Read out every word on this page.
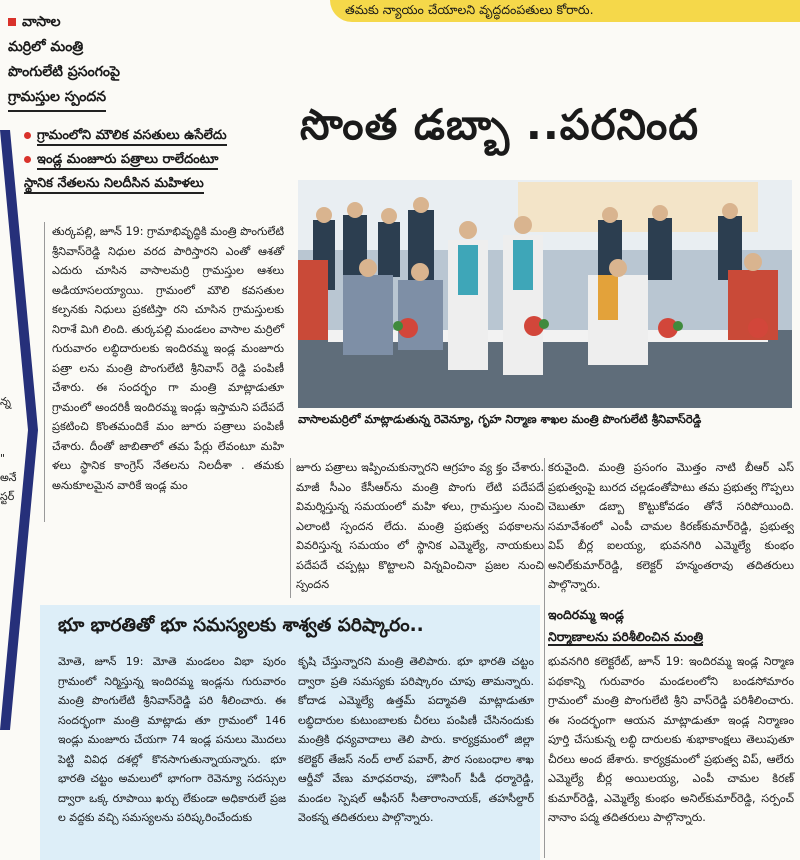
తమకు న్యాయం చేయాలని వృద్ధదంపతులు కోరారు.
వాసాల
మర్రిలో మంత్రి
పొంగులేటి ప్రసంగంపై
గ్రామస్తుల స్పందన
గ్రామంలోని మౌలిక వసతులు ఉసేలేదు
ఇండ్ల మంజూరు పత్రాలు రాలేదంటూ
స్థానిక నేతలను నిలదీసిన మహిళలు
సొంత డబ్బా ..పరనింద
వాసాలమర్రిలో మాట్లాడుతున్న రెవెన్యూ, గృహ నిర్మాణ శాఖల మంత్రి పొంగులేటి శ్రీనివాస్‌రెడ్డి
న్న

" అనే
స్టర్
తుర్కపల్లి, జూన్ 19: గ్రామాభివృద్ధికి మంత్రి పొంగులేటి శ్రీనివాస్‌రెడ్డి నిధుల వరద పారిస్తారని ఎంతో ఆశతో ఎదురు చూసిన వాసాలమర్రి గ్రామస్తుల ఆశలు అడియాసలయ్యాయి. గ్రామంలో మౌలి కవసతుల కల్పనకు నిధులు ప్రకటిస్తా రని చూసిన గ్రామస్తులకు నిరాశే మిగి లింది. తుర్కపల్లి మండలం వాసాల మర్రిలో గురువారం లబ్ధిదారులకు ఇందిరమ్మ ఇండ్ల మంజూరు పత్రా లను మంత్రి పొంగులేటి శ్రీనివాస్ రెడ్డి పంపిణీ చేశారు. ఈ సందర్భం గా మంత్రి మాట్లాడుతూ గ్రామంలో అందరికీ ఇందిరమ్మ ఇండ్లు ఇస్తామని పదేపదే ప్రకటించి కొంతమందికే మం జూరు పత్రాలు పంపిణీ చేశారు. దీంతో జాబితాలో తమ పేర్లు లేవంటూ మహి ళలు స్థానిక కాంగ్రెస్ నేతలను నిలదీశా . తమకు అనుకూలమైన వారికే ఇండ్ల మం
జూరు పత్రాలు ఇప్పించుకున్నారని ఆగ్రహం వ్య క్తం చేశారు. మాజీ సీఎం కేసీఆర్‌ను మంత్రి పొంగు లేటి పదేపదే విమర్శిస్తున్న సమయంలో మహి ళలు, గ్రామస్తుల నుంచి ఎలాంటి స్పందన లేదు. మంత్రి ప్రభుత్వ పథకాలను వివరిస్తున్న సమయం లో స్థానిక ఎమ్మెల్యే, నాయకులు పదేపదే చప్పట్లు కొట్టాలని విన్నవించినా ప్రజల నుంచి స్పందన
కరువైంది. మంత్రి ప్రసంగం మొత్తం నాటి బీఆర్ ఎస్ ప్రభుత్వంపై బురద చల్లడంతోపాటు తమ ప్రభుత్వ గొప్పలు చెబుతూ డబ్బా కొట్టుకోవడం తోనే సరిపోయింది. సమావేశంలో ఎంపీ చామల కిరణ్‌కుమార్‌రెడ్డి, ప్రభుత్వ విప్ బీర్ల ఐలయ్య, భువనగిరి ఎమ్మెల్యే కుంభం అనిల్‌కుమార్‌రెడ్డి, కలెక్టర్ హన్మంతరావు తదితరులు పాల్గొన్నారు.
భూ భారతితో భూ సమస్యలకు శాశ్వత పరిష్కారం..
మోతె, జూన్ 19: మోతె మండలం విభా పురం గ్రామంలో నిర్మిస్తున్న ఇందిరమ్మ ఇండ్లను గురువారం మంత్రి పొంగులేటి శ్రీనివాస్‌రెడ్డి పరి శీలించారు. ఈ సందర్భంగా మంత్రి మాట్లాడు తూ గ్రామంలో 146 ఇండ్లు మంజూరు చేయగా 74 ఇండ్ల పనులు మొదలు పెట్టి వివిధ దశల్లో కొనసాగుతున్నాయన్నారు. భూ భారతి చట్టం అమలులో భాగంగా రెవెన్యూ సదస్సుల ద్వారా ఒక్క రూపాయి ఖర్చు లేకుండా అధికారులే ప్రజ ల వద్దకు వచ్చి సమస్యలను పరిష్కరించేందుకు
కృషి చేస్తున్నారని మంత్రి తెలిపారు. భూ భారతి చట్టం ద్వారా ప్రతి సమస్యకు పరిష్కారం చూపు తామన్నారు. కోదాడ ఎమ్మెల్యే ఉత్తమ్ పద్మావతి మాట్లాడుతూ లబ్ధిదారుల కుటుంబాలకు చీరలు పంపిణీ చేసినందుకు మంత్రికి ధన్యవాదాలు తెలి పారు. కార్యక్రమంలో జిల్లా కలెక్టర్ తేజస్ నంద్ లాల్ పవార్, పౌర సంబంధాల శాఖ ఆర్డీవో వేణు మాధవరావు, హౌసింగ్ పీడీ ధర్మారెడ్డి, మండల స్పెషల్ ఆఫీసర్ సీతారాంనాయక్, తహసీల్దార్ వెంకన్న తదితరులు పాల్గొన్నారు.
ఇందిరమ్మ ఇండ్ల
నిర్మాణాలను పరిశీలించిన మంత్రి
భువనగిరి కలెక్టరేట్, జూన్ 19: ఇందిరమ్మ ఇండ్ల నిర్మాణ పథకాన్ని గురువారం మండలంలోని బండసోమారం గ్రామంలో మంత్రి పొంగులేటి శ్రీని వాస్‌రెడ్డి పరిశీలించారు. ఈ సందర్భంగా ఆయన మాట్లాడుతూ ఇండ్ల నిర్మాణం పూర్తి చేసుకున్న లబ్ధి దారులకు శుభాకాంక్షలు తెలుపుతూ చీరలు అంద జేశారు. కార్యక్రమంలో ప్రభుత్వ విప్, ఆలేరు ఎమ్మెల్యే బీర్ల అయిలయ్య, ఎంపీ చామల కిరణ్ కుమార్‌రెడ్డి, ఎమ్మెల్యే కుంభం అనిల్‌కుమార్‌రెడ్డి, సర్పంచ్ నానాం పద్మ తదితరులు పాల్గొన్నారు.
